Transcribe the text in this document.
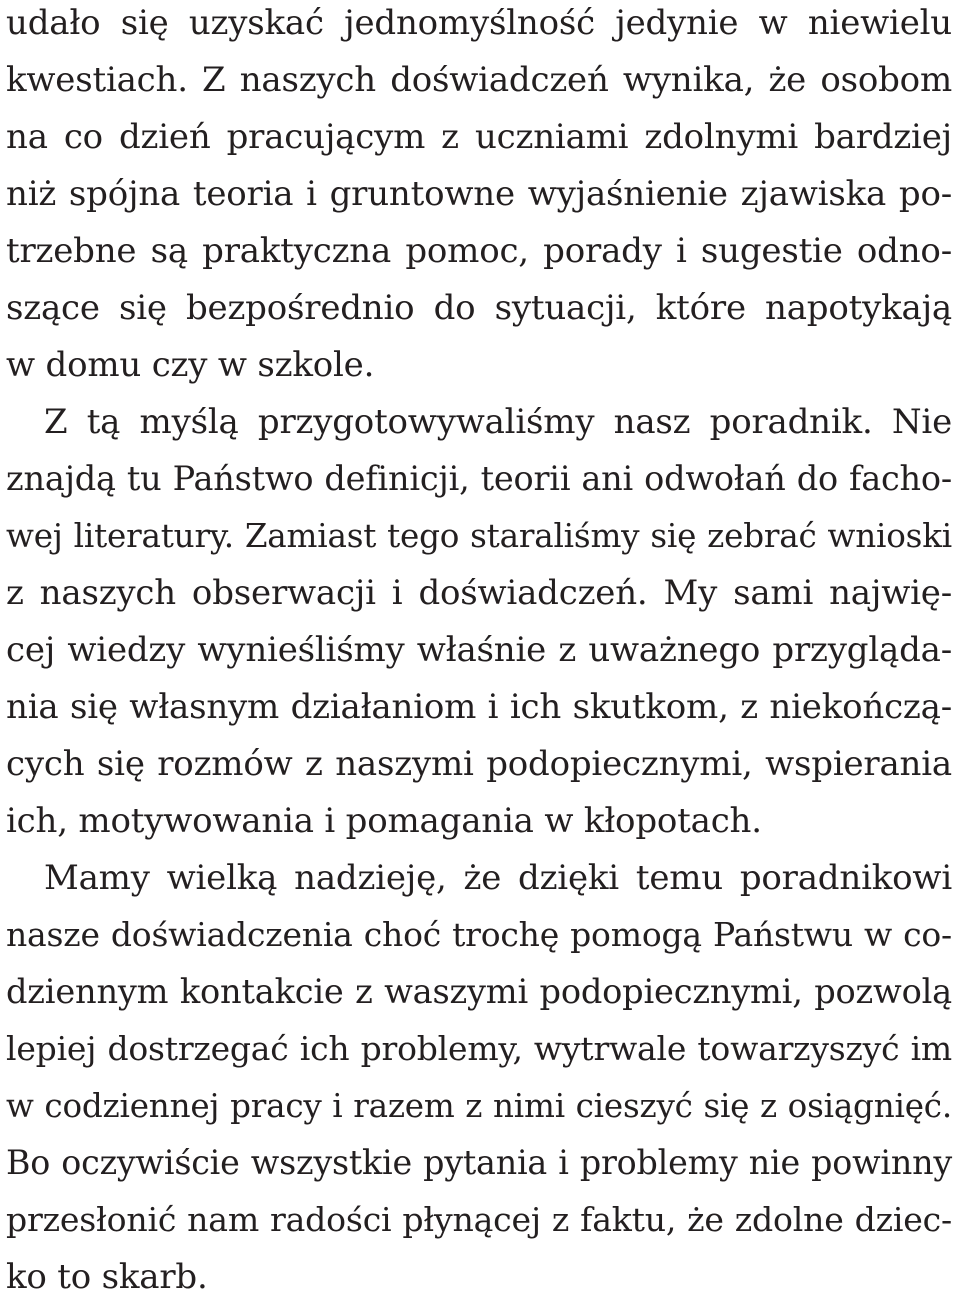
udało się uzyskać jednomyślność jedynie w niewielu
kwestiach. Z naszych doświadczeń wynika, że osobom
na co dzień pracującym z uczniami zdolnymi bardziej
niż spójna teoria i gruntowne wyjaśnienie zjawiska po-
trzebne są praktyczna pomoc, porady i sugestie odno-
szące się bezpośrednio do sytuacji, które napotykają
w domu czy w szkole.
Z tą myślą przygotowywaliśmy nasz poradnik. Nie
znajdą tu Państwo definicji, teorii ani odwołań do facho-
wej literatury. Zamiast tego staraliśmy się zebrać wnioski
z naszych obserwacji i doświadczeń. My sami najwię-
cej wiedzy wynieśliśmy właśnie z uważnego przyglądа-
nia się własnym działaniom i ich skutkom, z niekończą-
cych się rozmów z naszymi podopiecznymi, wspierania
ich, motywowania i pomagania w kłopotach.
Mamy wielką nadzieję, że dzięki temu poradnikowi
nasze doświadczenia choć trochę pomogą Państwu w co-
dziennym kontakcie z waszymi podopiecznymi, pozwolą
lepiej dostrzegać ich problemy, wytrwale towarzyszyć im
w codziennej pracy i razem z nimi cieszyć się z osiągnięć.
Bo oczywiście wszystkie pytania i problemy nie powinny
przesłonić nam radości płynącej z faktu, że zdolne dziec-
ko to skarb.
